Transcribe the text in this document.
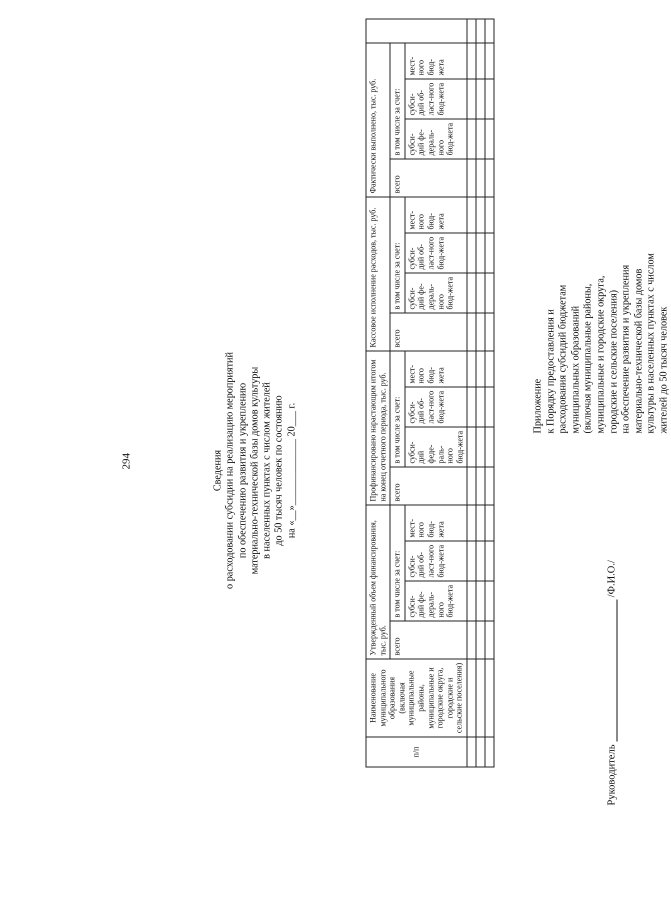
294
Приложение к Порядку предоставления и расходования субсидий бюджетам муниципальных образований (включая муниципальные районы, муниципальные и городские округа, городские и сельские поселения) на обеспечение развития и укрепления материально-технической базы домов культуры в населенных пунктах с числом жителей до 50 тысяч человек
Сведения о расходовании субсидии на реализацию мероприятий по обеспечению развития и укреплению материально-технической базы домов культуры в населенных пунктах с числом жителей до 50 тысяч человек по состоянию на «__»_____________ 20___ г.
п/п	Наименование муниципального образования (включая муниципальные районы, муниципальные и городские округа, городские и сельские поселения)	Утвержденный объем финансирования, тыс. руб.				Профинансировано нарастающим итогом на конец отчетного периода, тыс. руб.				Кассовое исполнение расходов, тыс. руб.				Фактически выполнено, тыс. руб.				
		всего	в том числе за счет:			всего	в том числе за счет:			всего	в том числе за счет:			всего	в том числе за счет:			
			субси-дий фе-дераль-ного бюд-жета	субси-дий об-ласт-ного бюд-жета	мест-ного бюд-жета		субси-дий феде-раль-ного бюд-жета	субси-дий об-ласт-ного бюд-жета	мест-ного бюд-жета		субси-дий фе-дераль-ного бюд-жета	субси-дий об-ласт-ного бюд-жета	мест-ного бюд-жета		субси-дий фе-дераль-ного бюд-жета	субси-дий об-ласт-ного бюд-жета	мест-ного бюд-жета	

Руководитель  /Ф.И.О./
